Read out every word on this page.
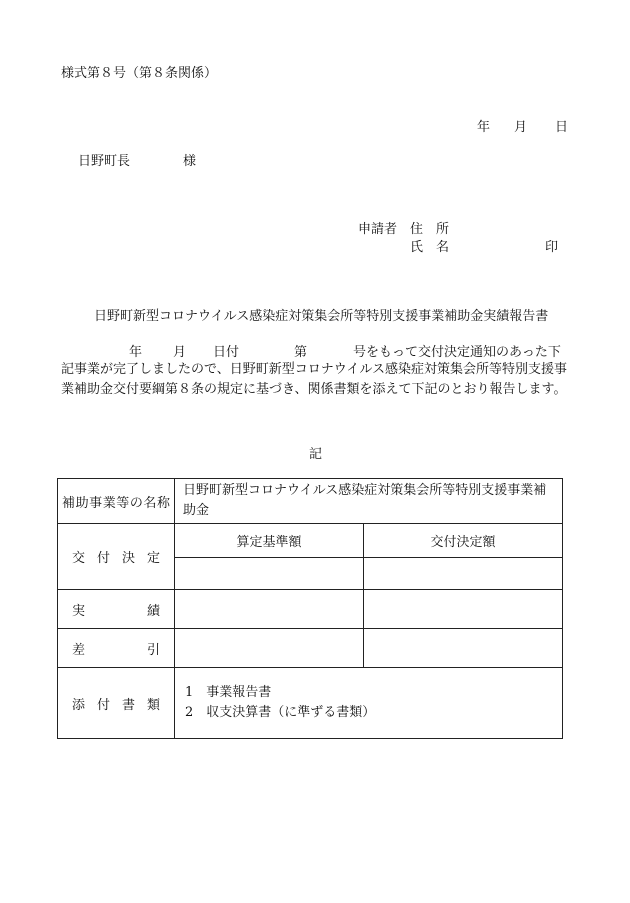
様式第８号（第８条関係）
年 月 日
日野町長	様
申請者 住　所
氏　名	印
日野町新型コロナウイルス感染症対策集会所等特別支援事業補助金実績報告書
年 月 日付	第	号をもって交付決定通知のあった下
記事業が完了しましたので、日野町新型コロナウイルス感染症対策集会所等特別支援事業補助金交付要綱第８条の規定に基づき、関係書類を添えて下記のとおり報告します。
記
補助事業等の名称	日野町新型コロナウイルス感染症対策集会所等特別支援事業補助金	
交付決定	算定基準額	交付決定額

実績		
差引		
添付書類	1　事業報告書
2　収支決算書（に準ずる書類）	
